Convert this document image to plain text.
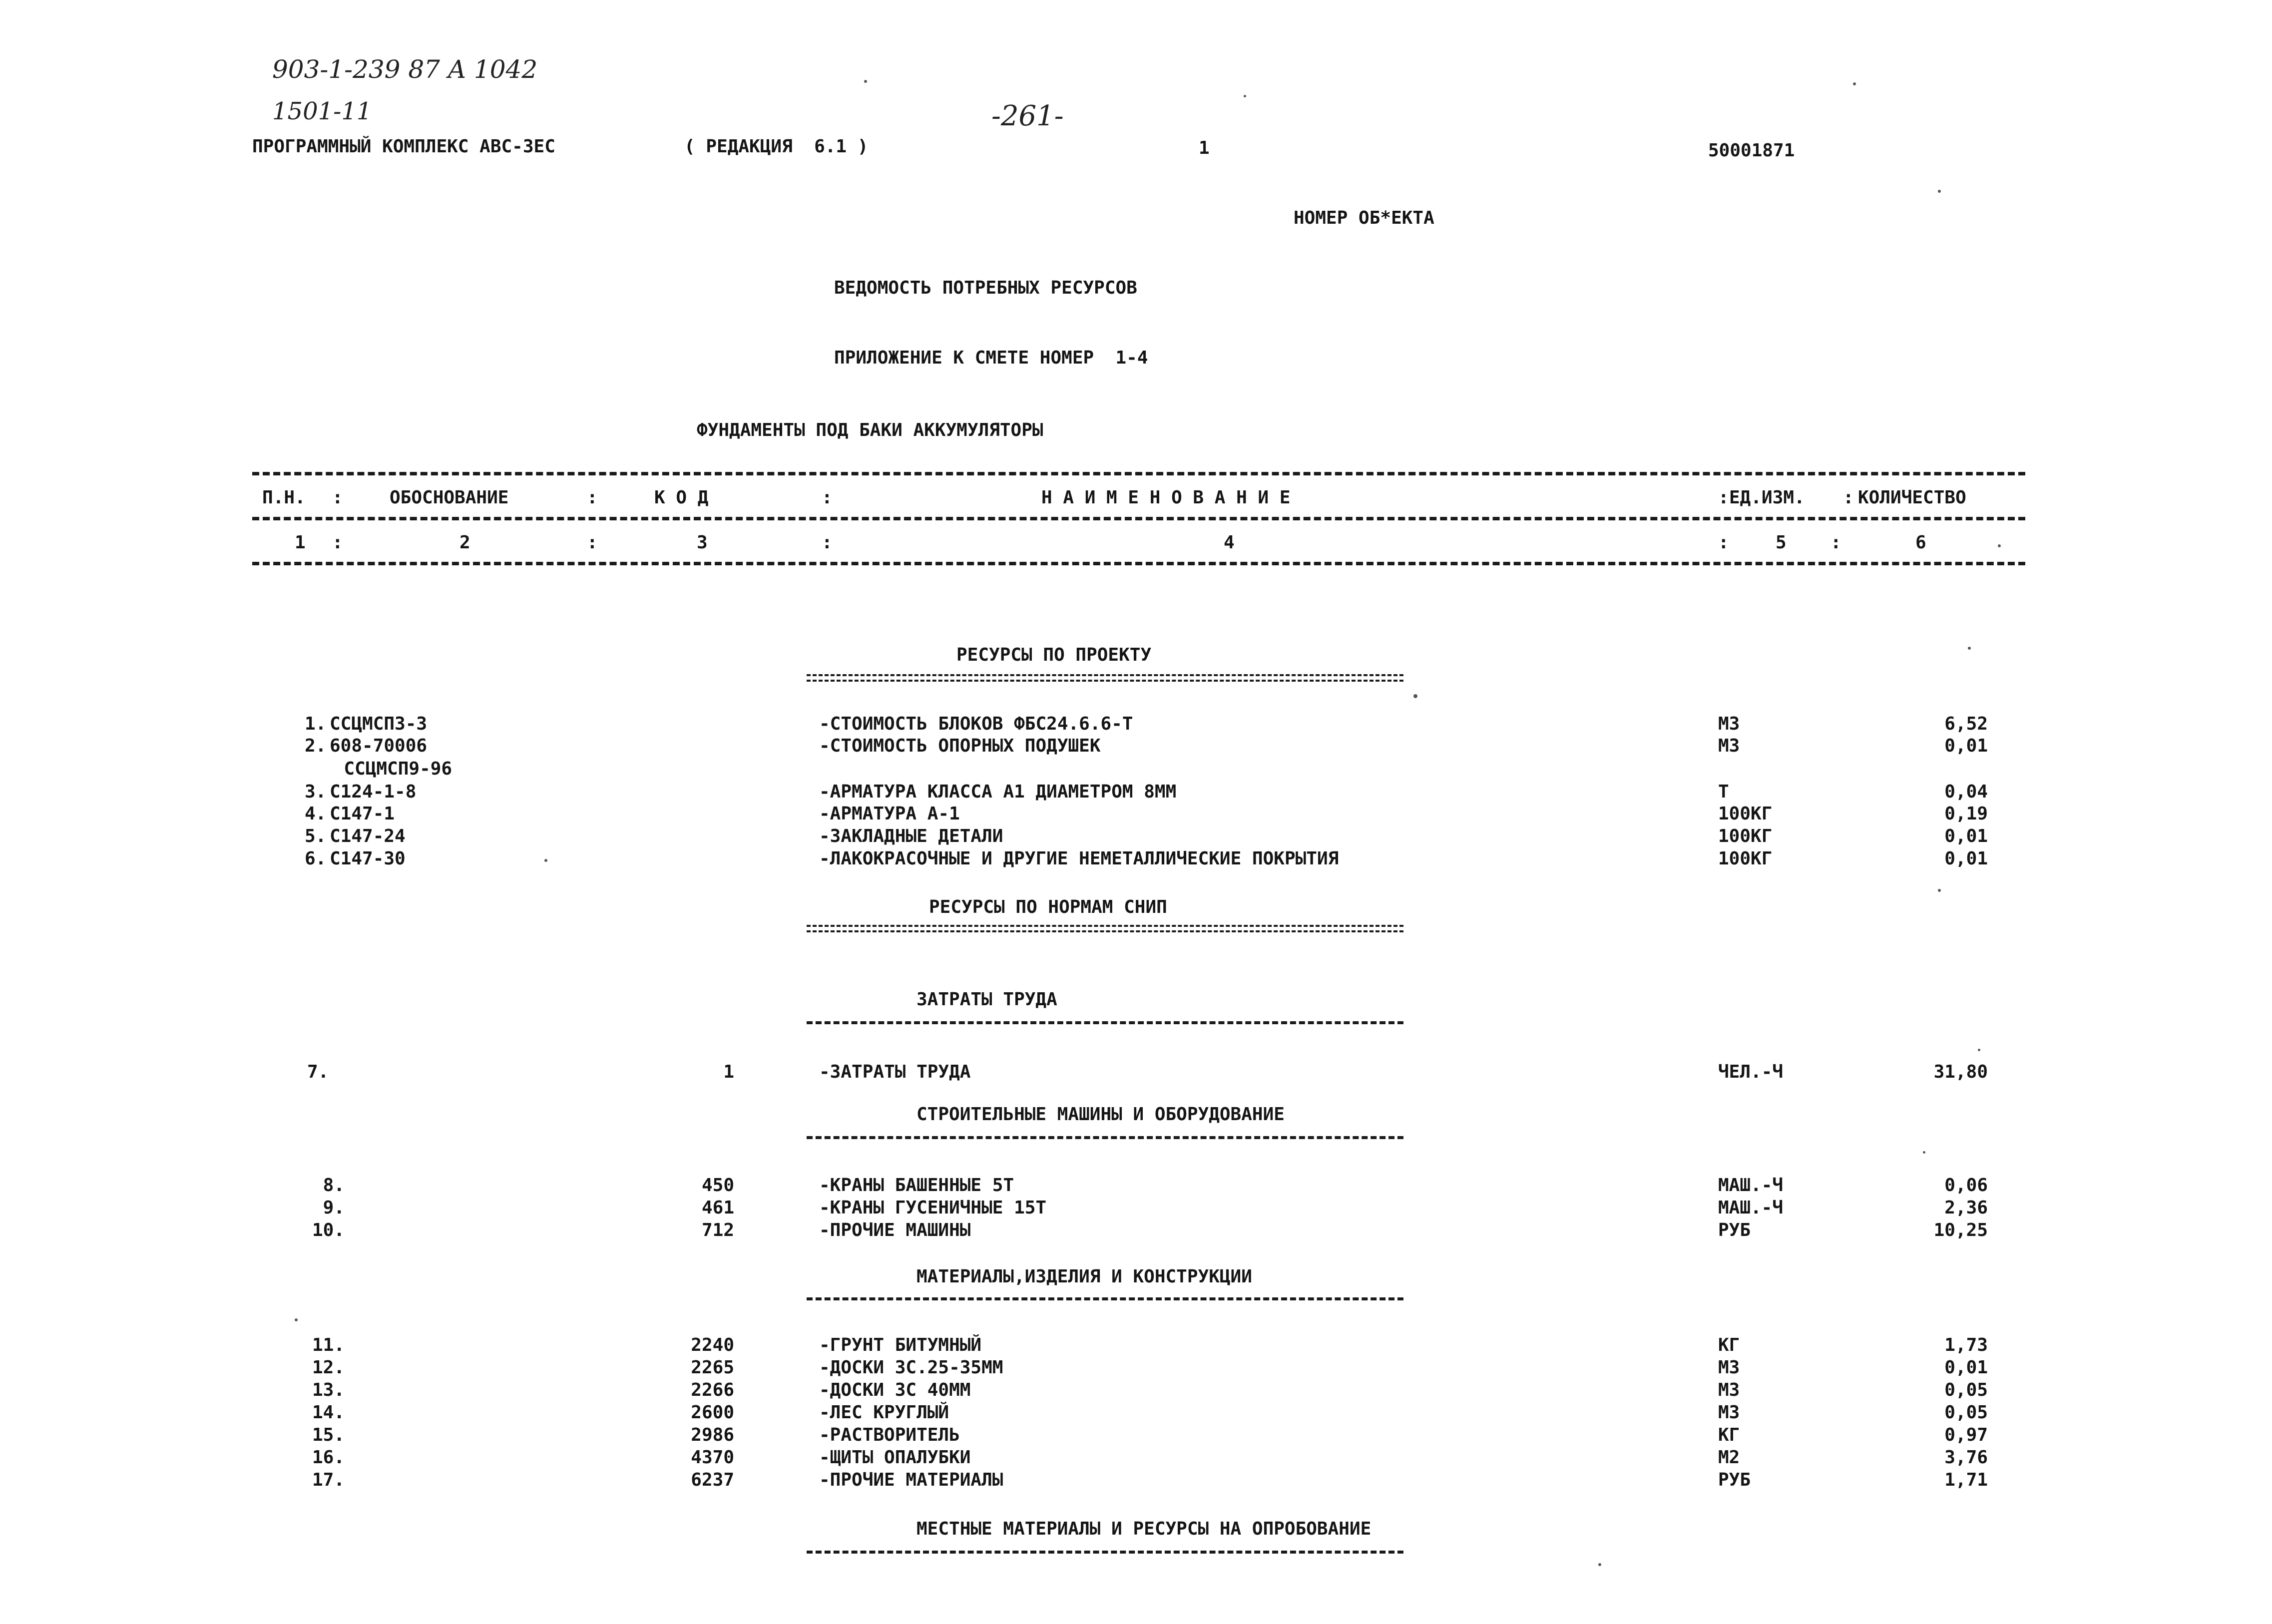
903-1-239 87 A 1042
1501-11	-261-
ПРОГРАММНЫЙ КОМПЛЕКС АВС-3ЕС	( РЕДАКЦИЯ  6.1 )	1	50001871
НОМЕР ОБ*ЕКТА
ВЕДОМОСТЬ ПОТРЕБНЫХ РЕСУРСОВ
ПРИЛОЖЕНИЕ К СМЕТЕ НОМЕР  1-4
ФУНДАМЕНТЫ ПОД БАКИ АККУМУЛЯТОРЫ
П.Н. :	ОБОСНОВАНИЕ	:	К О Д	:	Н А И М Е Н О В А Н И Е	: ЕД.ИЗМ. : КОЛИЧЕСТВО
1 :	2	:	3	:	4	:	5 :	6
РЕСУРСЫ ПО ПРОЕКТУ
1. ССЦМСП3-3	-СТОИМОСТЬ БЛОКОВ ФБС24.6.6-Т	М3	6,52
2. 608-70006	-СТОИМОСТЬ ОПОРНЫХ ПОДУШЕК	М3	0,01
ССЦМСП9-96
3. С124-1-8	-АРМАТУРА КЛАССА А1 ДИАМЕТРОМ 8ММ	Т	0,04
4. С147-1	-АРМАТУРА А-1	100КГ	0,19
5. С147-24	-ЗАКЛАДНЫЕ ДЕТАЛИ	100КГ	0,01
6. С147-30	-ЛАКОКРАСОЧНЫЕ И ДРУГИЕ НЕМЕТАЛЛИЧЕСКИЕ ПОКРЫТИЯ	100КГ	0,01
РЕСУРСЫ ПО НОРМАМ СНИП
ЗАТРАТЫ ТРУДА
7.	1	-ЗАТРАТЫ ТРУДА	ЧЕЛ.-Ч	31,80
СТРОИТЕЛЬНЫЕ МАШИНЫ И ОБОРУДОВАНИЕ
8.	450	-КРАНЫ БАШЕННЫЕ 5Т	МАШ.-Ч	0,06
9.	461	-КРАНЫ ГУСЕНИЧНЫЕ 15Т	МАШ.-Ч	2,36
10.	712	-ПРОЧИЕ МАШИНЫ	РУБ	10,25
МАТЕРИАЛЫ,ИЗДЕЛИЯ И КОНСТРУКЦИИ
11.	2240	-ГРУНТ БИТУМНЫЙ	КГ	1,73
12.	2265	-ДОСКИ 3С.25-35ММ	М3	0,01
13.	2266	-ДОСКИ 3С 40ММ	М3	0,05
14.	2600	-ЛЕС КРУГЛЫЙ	М3	0,05
15.	2986	-РАСТВОРИТЕЛЬ	КГ	0,97
16.	4370	-ЩИТЫ ОПАЛУБКИ	М2	3,76
17.	6237	-ПРОЧИЕ МАТЕРИАЛЫ	РУБ	1,71
МЕСТНЫЕ МАТЕРИАЛЫ И РЕСУРСЫ НА ОПРОБОВАНИЕ
